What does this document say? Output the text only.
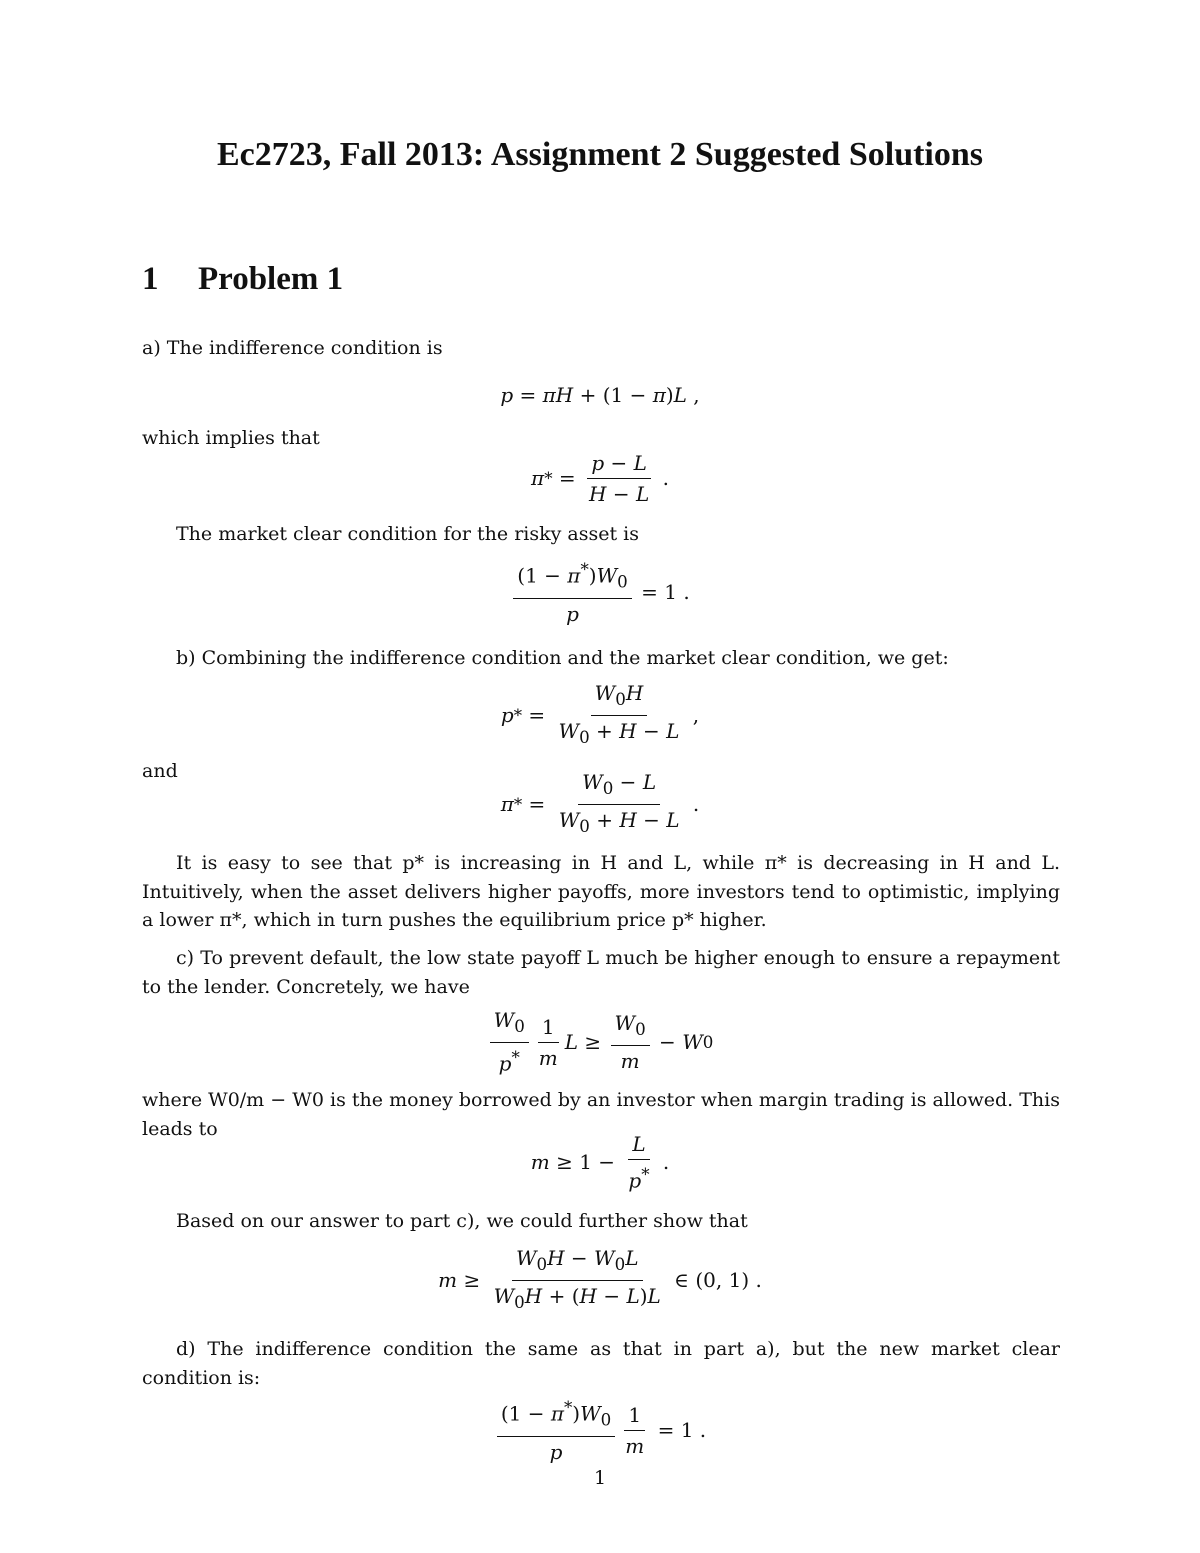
Ec2723, Fall 2013: Assignment 2 Suggested Solutions
1 Problem 1

a) The indifference condition is

p = πH + (1 − π ) L ,

which implies that

π * = $\frac{p - L}{H - L}$ .

The market clear condition for the risky asset is

$\frac{(1 - \pi^*)W_0}{p} = 1$ .

b) Combining the indifference condition and the market clear condition, we get:

p * = $\frac{W_0H}{W_0 + H - L}$ ,

and

π * = $\frac{W_0 - L}{W_0 + H - L}$ .

It is easy to see that p* is increasing in H and L, while π* is decreasing in H and L. Intuitively, when the asset delivers higher payoffs, more investors tend to optimistic, implying a lower π*, which in turn pushes the equilibrium price p* higher.

c) To prevent default, the low state payoff L much be higher enough to ensure a repayment to the lender. Concretely, we have

$\frac{W_0}{p^*} \frac{1}{m}$ $L \ge \frac{W_0}{m} - W$ 0

where W0/m − W0 is the money borrowed by an investor when margin trading is allowed. This leads to

$m \ge 1 - \frac{L}{p^*}$ .

Based on our answer to part c), we could further show that

$m \ge \frac{W_0H - W_0L}{W_0H + (H - L)L}$ ∈ (0, 1) .

d) The indifference condition the same as that in part a), but the new market clear condition is:

$\frac{(1 - \pi^*)W_0}{p} \frac{1}{m} = 1$ .
1
